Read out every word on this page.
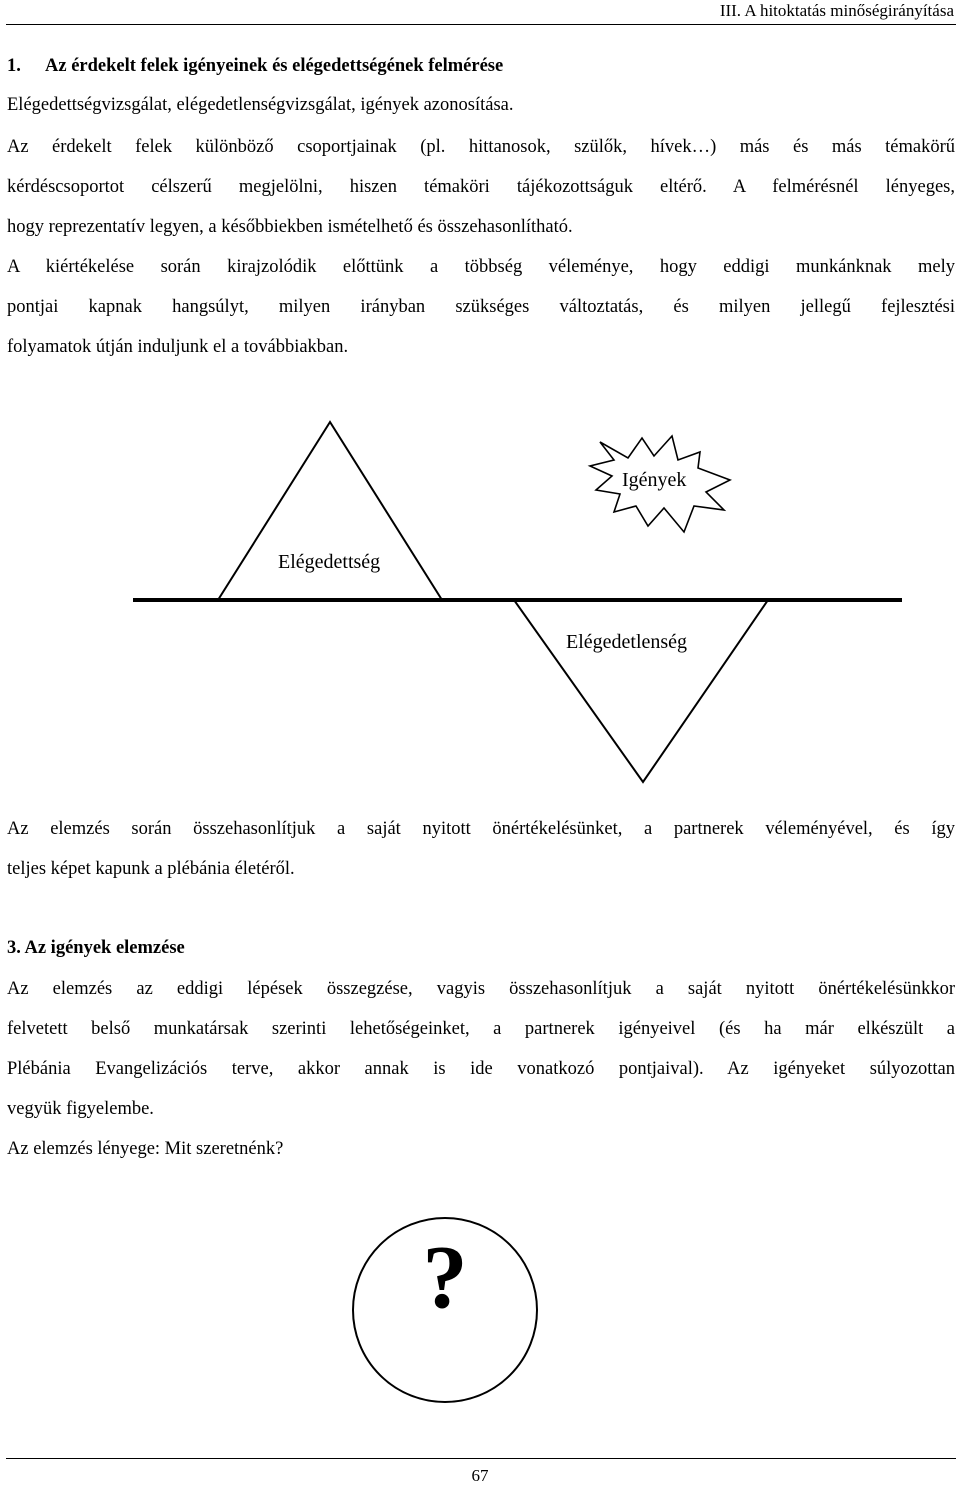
III. A hitoktatás minőségirányítása
1. Az érdekelt felek igényeinek és elégedettségének felmérése
Elégedettségvizsgálat, elégedetlenségvizsgálat, igények azonosítása.
Az érdekelt felek különböző csoportjainak (pl. hittanosok, szülők, hívek…) más és más témakörű
kérdéscsoportot célszerű megjelölni, hiszen témaköri tájékozottságuk eltérő. A felmérésnél lényeges,
hogy reprezentatív legyen, a későbbiekben ismételhető és összehasonlítható.
A kiértékelése során kirajzolódik előttünk a többség véleménye, hogy eddigi munkánknak mely
pontjai kapnak hangsúlyt, milyen irányban szükséges változtatás, és milyen jellegű fejlesztési
folyamatok útján induljunk el a továbbiakban.
Elégedettség
Igények
Elégedetlenség
Az elemzés során összehasonlítjuk a saját nyitott önértékelésünket, a partnerek véleményével, és így
teljes képet kapunk a plébánia életéről.
3. Az igények elemzése
Az elemzés az eddigi lépések összegzése, vagyis összehasonlítjuk a saját nyitott önértékelésünkkor
felvetett belső munkatársak szerinti lehetőségeinket, a partnerek igényeivel (és ha már elkészült a
Plébánia Evangelizációs terve, akkor annak is ide vonatkozó pontjaival). Az igényeket súlyozottan
vegyük figyelembe.
Az elemzés lényege: Mit szeretnénk?
?
67
